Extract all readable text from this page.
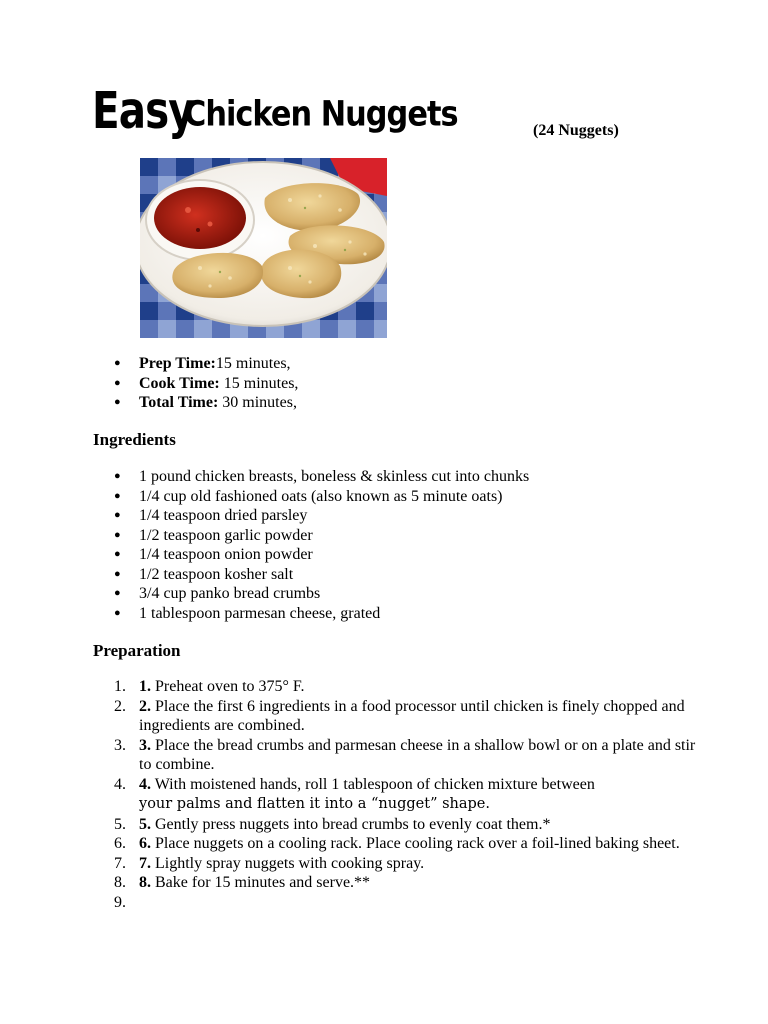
Easy
Chicken Nuggets	(24 Nuggets)
● Prep Time:15 minutes,
● Cook Time: 15 minutes,
● Total Time: 30 minutes,
Ingredients
● 1 pound chicken breasts, boneless & skinless cut into chunks
● 1/4 cup old fashioned oats (also known as 5 minute oats)
● 1/4 teaspoon dried parsley
● 1/2 teaspoon garlic powder
● 1/4 teaspoon onion powder
● 1/2 teaspoon kosher salt
● 3/4 cup panko bread crumbs
● 1 tablespoon parmesan cheese, grated
Preparation
1. 1. Preheat oven to 375° F.
2. 2. Place the first 6 ingredients in a food processor until chicken is finely chopped and ingredients are combined.
3. 3. Place the bread crumbs and parmesan cheese in a shallow bowl or on a plate and stir to combine.
4. 4. With moistened hands, roll 1 tablespoon of chicken mixture between
your palms and flatten it into a “nugget” shape.
5. 5. Gently press nuggets into bread crumbs to evenly coat them.*
6. 6. Place nuggets on a cooling rack. Place cooling rack over a foil-lined baking sheet.
7. 7. Lightly spray nuggets with cooking spray.
8. 8. Bake for 15 minutes and serve.**
9.
